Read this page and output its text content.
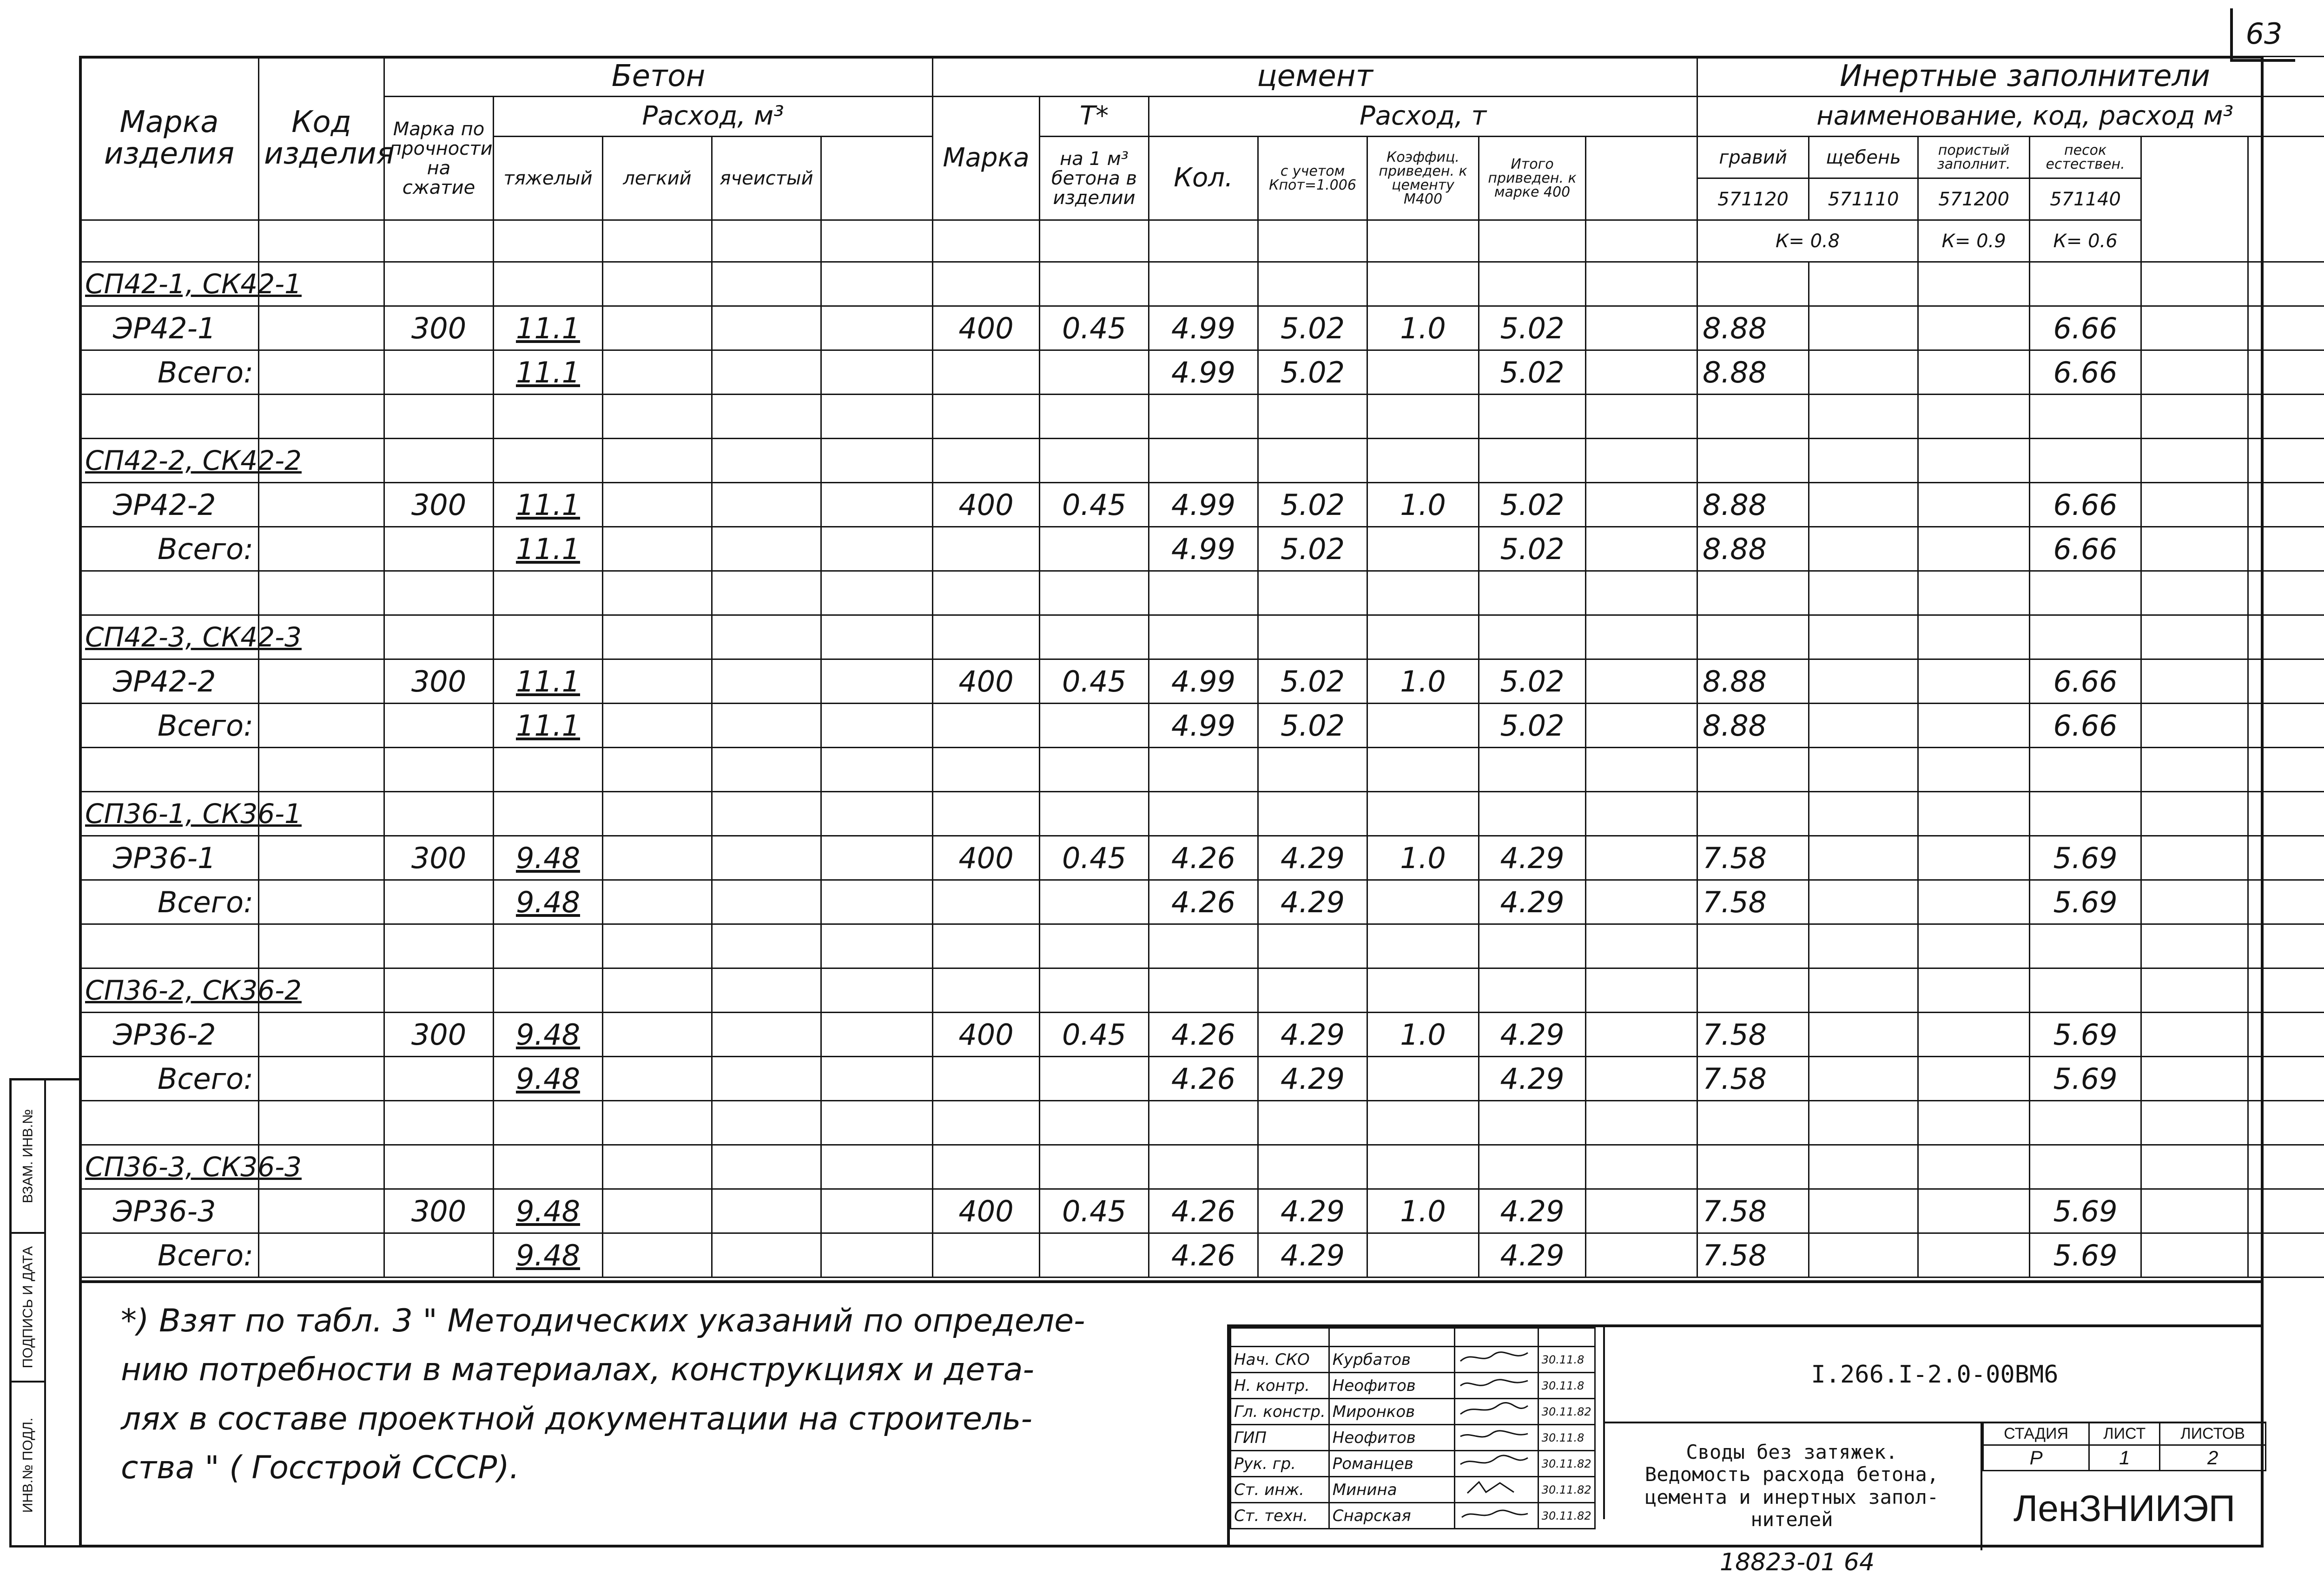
63
ВЗАМ. ИНВ.№
ПОДПИСЬ И ДАТА
ИНВ.№ ПОДЛ.
Марка изделия	Код изделия	Бетон					цемент							Инертные заполнители					
		Марка по прочности на сжатие	Расход, м³				Марка	Т*	Расход, т					наименование, код, расход м³					
			тяжелый	легкий	ячеистый			на 1 м³ бетона в изделии	Кол.	с учетом Кпот=1.006	Коэффиц. приведен. к цементу М400	Итого приведен. к марке 400		гравий	щебень	пористый заполнит.	песок естествен.		
														571120	571110	571200	571140		
														К= 0.8		К= 0.9	К= 0.6		
СП42-1, СК42-1																			
ЭР42-1		300	11.1				400	0.45	4.99	5.02	1.0	5.02		8.88			6.66		
Всего:			11.1						4.99	5.02		5.02		8.88			6.66		

СП42-2, СК42-2																			
ЭР42-2		300	11.1				400	0.45	4.99	5.02	1.0	5.02		8.88			6.66		
Всего:			11.1						4.99	5.02		5.02		8.88			6.66		

СП42-3, СК42-3																			
ЭР42-2		300	11.1				400	0.45	4.99	5.02	1.0	5.02		8.88			6.66		
Всего:			11.1						4.99	5.02		5.02		8.88			6.66		

СП36-1, СК36-1																			
ЭР36-1		300	9.48				400	0.45	4.26	4.29	1.0	4.29		7.58			5.69		
Всего:			9.48						4.26	4.29		4.29		7.58			5.69		

СП36-2, СК36-2																			
ЭР36-2		300	9.48				400	0.45	4.26	4.29	1.0	4.29		7.58			5.69		
Всего:			9.48						4.26	4.29		4.29		7.58			5.69		

СП36-3, СК36-3																			
ЭР36-3		300	9.48				400	0.45	4.26	4.29	1.0	4.29		7.58			5.69		
Всего:			9.48						4.26	4.29		4.29		7.58			5.69		
*) Взят по табл. 3 " Методических указаний по определе-
нию потребности в материалах, конструкциях и дета-
лях в составе проектной документации на строитель-
ства " ( Госстрой СССР).

Нач. СКО	Курбатов		30.11.8
Н. контр.	Неофитов		30.11.8
Гл. констр.	Миронков		30.11.82
ГИП	Неофитов		30.11.8
Рук. гр.	Романцев		30.11.82
Ст. инж.	Минина		30.11.82
Ст. техн.	Снарская		30.11.82
I.266.I-2.0-00ВМ6
Своды без затяжек.
Ведомость расхода бетона,
цемента и инертных запол-
нителей
СТАДИЯ	ЛИСТ	ЛИСТОВ
Р	1	2
ЛенЗНИИЭП
18823-01 64
